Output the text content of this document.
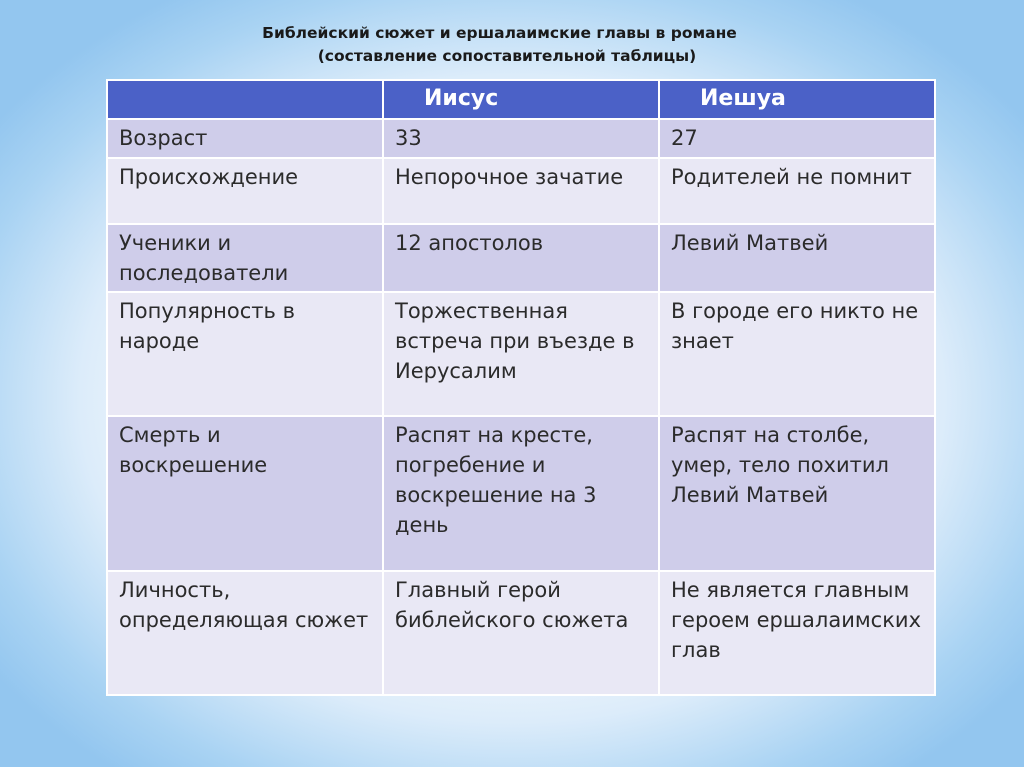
Библейский сюжет и ершалаимские главы в романе
(составление сопоставительной таблицы)
	Иисус	Иешуа
Возраст	33	27
Происхождение	Непорочное зачатие	Родителей не помнит
Ученики и последователи	12 апостолов	Левий Матвей
Популярность в народе	Торжественная встреча при въезде в Иерусалим	В городе его никто не знает
Смерть и воскрешение	Распят на кресте, погребение и воскрешение на 3 день	Распят на столбе, умер, тело похитил Левий Матвей
Личность, определяющая сюжет	Главный герой библейского сюжета	Не является главным героем ершалаимских глав
